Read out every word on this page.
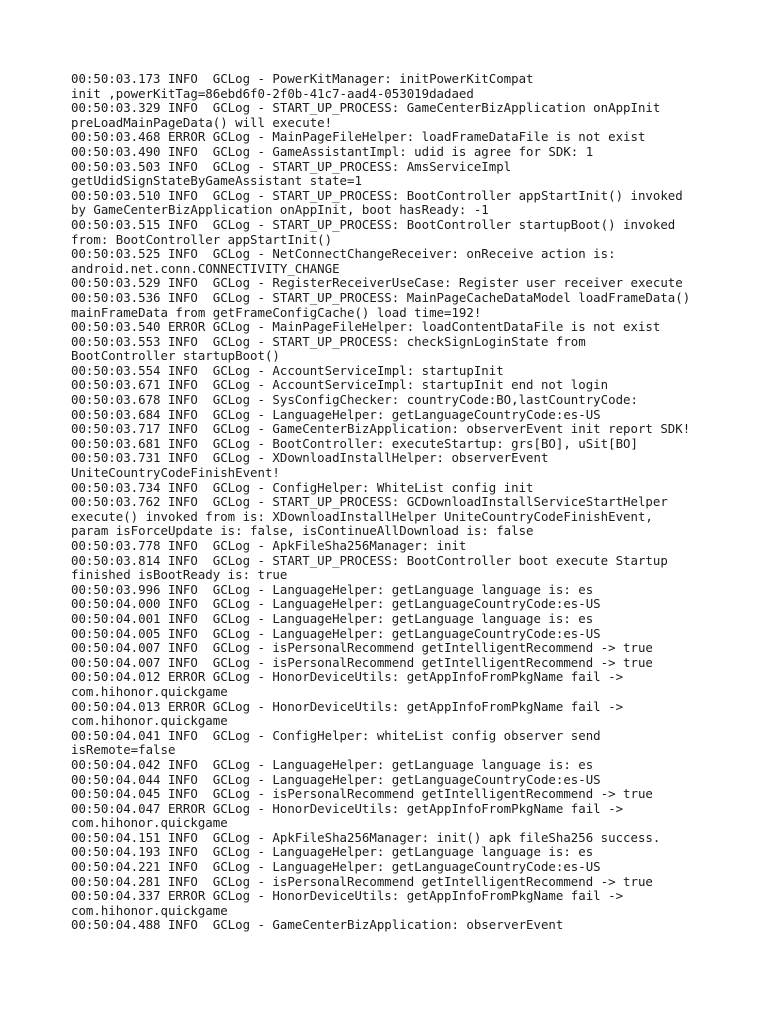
00:50:03.173 INFO  GCLog - PowerKitManager: initPowerKitCompat

init ,powerKitTag=86ebd6f0-2f0b-41c7-aad4-053019dadaed

00:50:03.329 INFO  GCLog - START_UP_PROCESS: GameCenterBizApplication onAppInit

preLoadMainPageData() will execute!

00:50:03.468 ERROR GCLog - MainPageFileHelper: loadFrameDataFile is not exist

00:50:03.490 INFO  GCLog - GameAssistantImpl: udid is agree for SDK: 1

00:50:03.503 INFO  GCLog - START_UP_PROCESS: AmsServiceImpl

getUdidSignStateByGameAssistant state=1

00:50:03.510 INFO  GCLog - START_UP_PROCESS: BootController appStartInit() invoked

by GameCenterBizApplication onAppInit, boot hasReady: -1

00:50:03.515 INFO  GCLog - START_UP_PROCESS: BootController startupBoot() invoked

from: BootController appStartInit()

00:50:03.525 INFO  GCLog - NetConnectChangeReceiver: onReceive action is:

android.net.conn.CONNECTIVITY_CHANGE

00:50:03.529 INFO  GCLog - RegisterReceiverUseCase: Register user receiver execute

00:50:03.536 INFO  GCLog - START_UP_PROCESS: MainPageCacheDataModel loadFrameData()

mainFrameData from getFrameConfigCache() load time=192!

00:50:03.540 ERROR GCLog - MainPageFileHelper: loadContentDataFile is not exist

00:50:03.553 INFO  GCLog - START_UP_PROCESS: checkSignLoginState from

BootController startupBoot()

00:50:03.554 INFO  GCLog - AccountServiceImpl: startupInit

00:50:03.671 INFO  GCLog - AccountServiceImpl: startupInit end not login

00:50:03.678 INFO  GCLog - SysConfigChecker: countryCode:BO,lastCountryCode:

00:50:03.684 INFO  GCLog - LanguageHelper: getLanguageCountryCode:es-US

00:50:03.717 INFO  GCLog - GameCenterBizApplication: observerEvent init report SDK!

00:50:03.681 INFO  GCLog - BootController: executeStartup: grs[BO], uSit[BO]

00:50:03.731 INFO  GCLog - XDownloadInstallHelper: observerEvent

UniteCountryCodeFinishEvent!

00:50:03.734 INFO  GCLog - ConfigHelper: WhiteList config init

00:50:03.762 INFO  GCLog - START_UP_PROCESS: GCDownloadInstallServiceStartHelper

execute() invoked from is: XDownloadInstallHelper UniteCountryCodeFinishEvent,

param isForceUpdate is: false, isContinueAllDownload is: false

00:50:03.778 INFO  GCLog - ApkFileSha256Manager: init

00:50:03.814 INFO  GCLog - START_UP_PROCESS: BootController boot execute Startup

finished isBootReady is: true

00:50:03.996 INFO  GCLog - LanguageHelper: getLanguage language is: es

00:50:04.000 INFO  GCLog - LanguageHelper: getLanguageCountryCode:es-US

00:50:04.001 INFO  GCLog - LanguageHelper: getLanguage language is: es

00:50:04.005 INFO  GCLog - LanguageHelper: getLanguageCountryCode:es-US

00:50:04.007 INFO  GCLog - isPersonalRecommend getIntelligentRecommend -> true

00:50:04.007 INFO  GCLog - isPersonalRecommend getIntelligentRecommend -> true

00:50:04.012 ERROR GCLog - HonorDeviceUtils: getAppInfoFromPkgName fail ->

com.hihonor.quickgame

00:50:04.013 ERROR GCLog - HonorDeviceUtils: getAppInfoFromPkgName fail ->

com.hihonor.quickgame

00:50:04.041 INFO  GCLog - ConfigHelper: whiteList config observer send

isRemote=false

00:50:04.042 INFO  GCLog - LanguageHelper: getLanguage language is: es

00:50:04.044 INFO  GCLog - LanguageHelper: getLanguageCountryCode:es-US

00:50:04.045 INFO  GCLog - isPersonalRecommend getIntelligentRecommend -> true

00:50:04.047 ERROR GCLog - HonorDeviceUtils: getAppInfoFromPkgName fail ->

com.hihonor.quickgame

00:50:04.151 INFO  GCLog - ApkFileSha256Manager: init() apk fileSha256 success.

00:50:04.193 INFO  GCLog - LanguageHelper: getLanguage language is: es

00:50:04.221 INFO  GCLog - LanguageHelper: getLanguageCountryCode:es-US

00:50:04.281 INFO  GCLog - isPersonalRecommend getIntelligentRecommend -> true

00:50:04.337 ERROR GCLog - HonorDeviceUtils: getAppInfoFromPkgName fail ->

com.hihonor.quickgame

00:50:04.488 INFO  GCLog - GameCenterBizApplication: observerEvent
